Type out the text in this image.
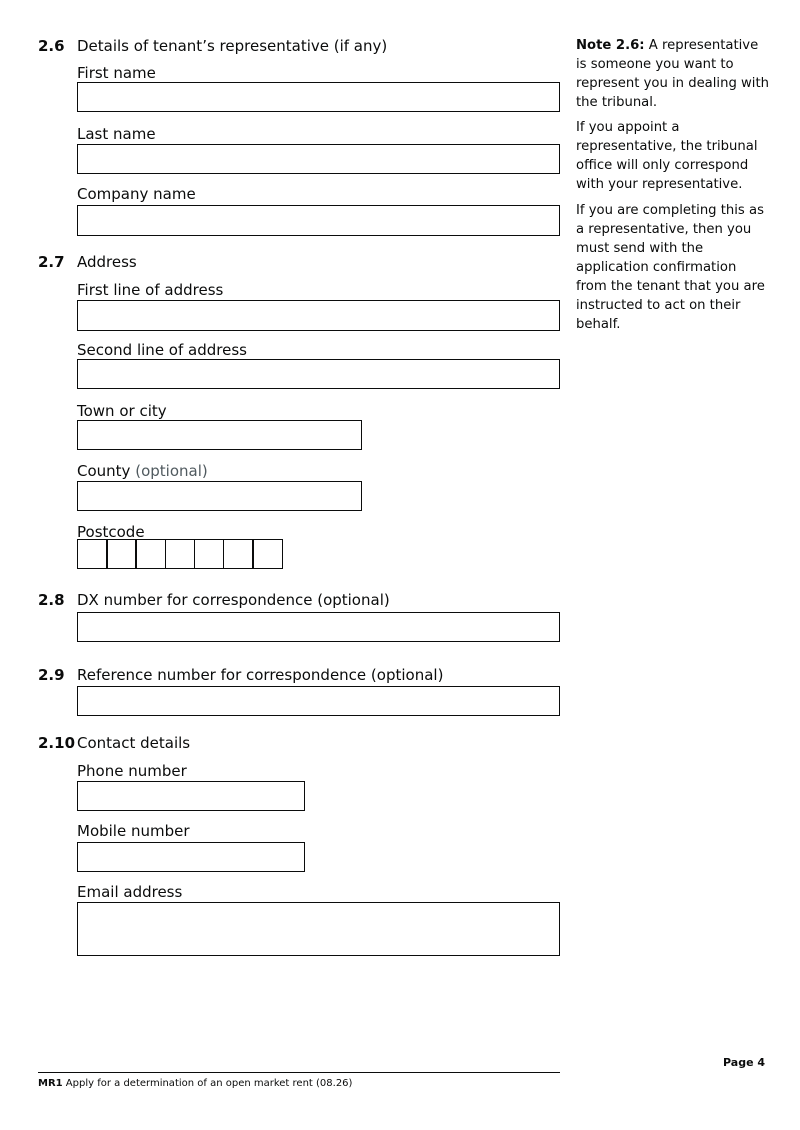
2.6 Details of tenant’s representative (if any)
First name
Last name
Company name
2.7 Address
First line of address
Second line of address
Town or city
County (optional)
Postcode
2.8 DX number for correspondence (optional)
2.9 Reference number for correspondence (optional)
2.10 Contact details
Phone number
Mobile number
Email address
Note 2.6: A representative is someone you want to represent you in dealing with the tribunal.
If you appoint a representative, the tribunal office will only correspond with your representative.
If you are completing this as a representative, then you must send with the application confirmation from the tenant that you are instructed to act on their behalf.
Page 4
MR1 Apply for a determination of an open market rent (08.26)
